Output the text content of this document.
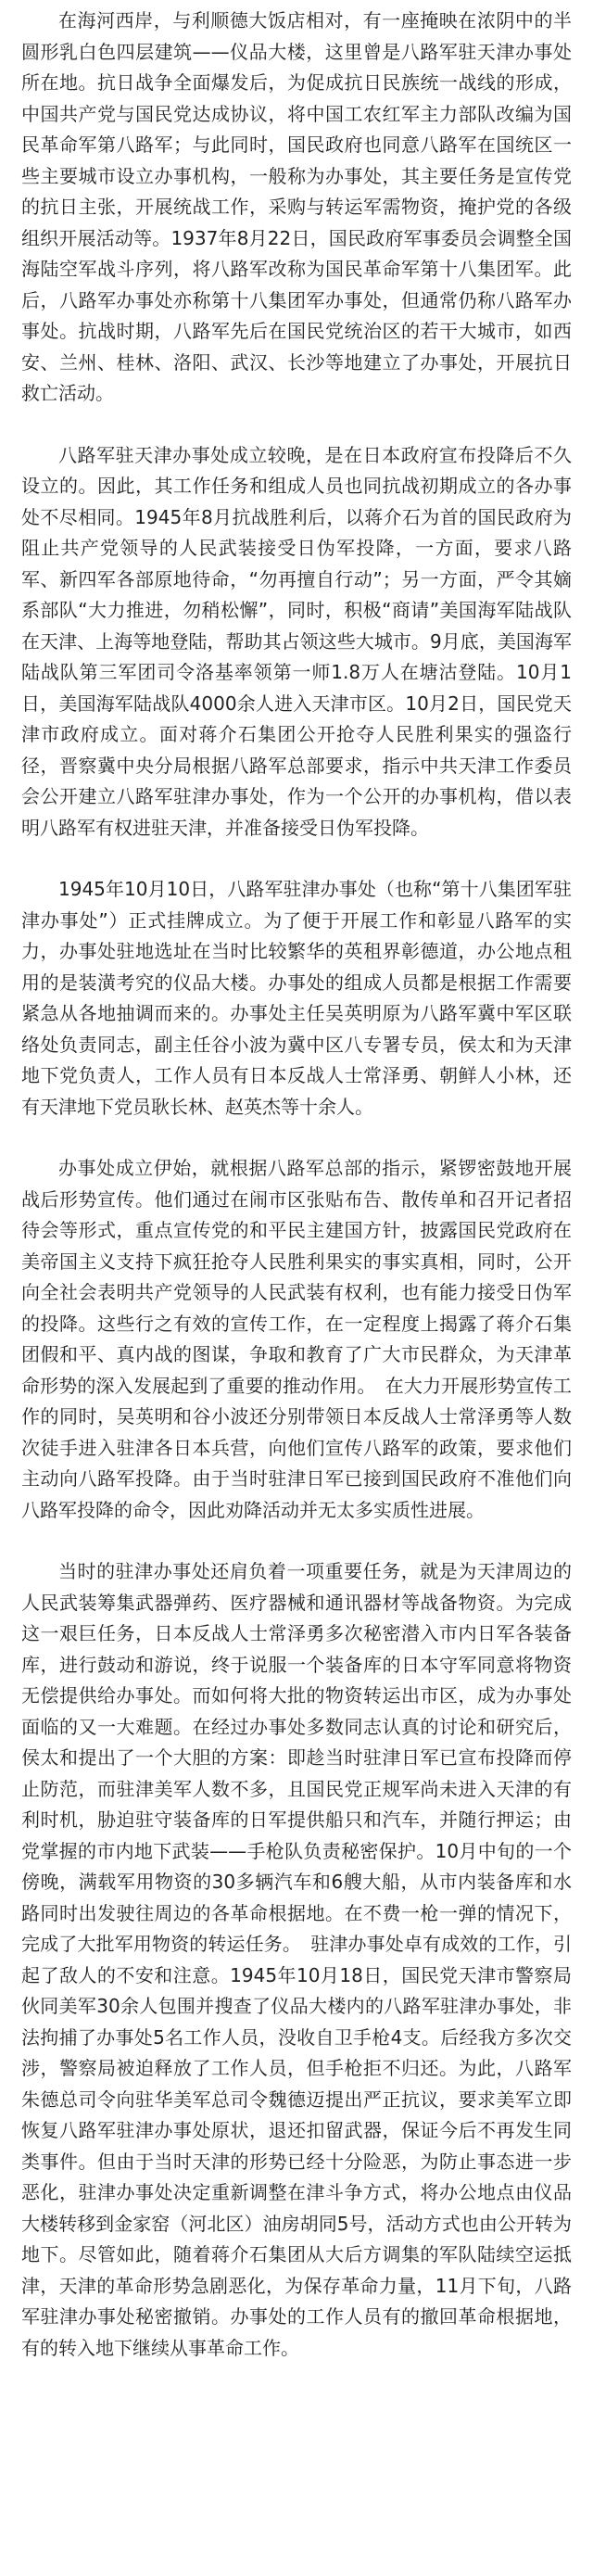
在海河西岸，与利顺德大饭店相对，有一座掩映在浓阴中的半圆形乳白色四层建筑——仪品大楼，这里曾是八路军驻天津办事处所在地。抗日战争全面爆发后，为促成抗日民族统一战线的形成，中国共产党与国民党达成协议，将中国工农红军主力部队改编为国民革命军第八路军；与此同时，国民政府也同意八路军在国统区一些主要城市设立办事机构，一般称为办事处，其主要任务是宣传党的抗日主张，开展统战工作，采购与转运军需物资，掩护党的各级组织开展活动等。1937年8月22日，国民政府军事委员会调整全国海陆空军战斗序列，将八路军改称为国民革命军第十八集团军。此后，八路军办事处亦称第十八集团军办事处，但通常仍称八路军办事处。抗战时期，八路军先后在国民党统治区的若干大城市，如西安、兰州、桂林、洛阳、武汉、长沙等地建立了办事处，开展抗日救亡活动。

八路军驻天津办事处成立较晚，是在日本政府宣布投降后不久设立的。因此，其工作任务和组成人员也同抗战初期成立的各办事处不尽相同。1945年8月抗战胜利后，以蒋介石为首的国民政府为阻止共产党领导的人民武装接受日伪军投降，一方面，要求八路军、新四军各部原地待命，“勿再擅自行动”；另一方面，严令其嫡系部队“大力推进，勿稍松懈”，同时，积极“商请”美国海军陆战队在天津、上海等地登陆，帮助其占领这些大城市。9月底，美国海军陆战队第三军团司令洛基率领第一师1.8万人在塘沽登陆。10月1日，美国海军陆战队4000余人进入天津市区。10月2日，国民党天津市政府成立。面对蒋介石集团公开抢夺人民胜利果实的强盗行径，晋察冀中央分局根据八路军总部要求，指示中共天津工作委员会公开建立八路军驻津办事处，作为一个公开的办事机构，借以表明八路军有权进驻天津，并准备接受日伪军投降。

1945年10月10日，八路军驻津办事处（也称“第十八集团军驻津办事处”）正式挂牌成立。为了便于开展工作和彰显八路军的实力，办事处驻地选址在当时比较繁华的英租界彰德道，办公地点租用的是装潢考究的仪品大楼。办事处的组成人员都是根据工作需要紧急从各地抽调而来的。办事处主任吴英明原为八路军冀中军区联络处负责同志，副主任谷小波为冀中区八专署专员，侯太和为天津地下党负责人，工作人员有日本反战人士常泽勇、朝鲜人小林，还有天津地下党员耿长林、赵英杰等十余人。

办事处成立伊始，就根据八路军总部的指示，紧锣密鼓地开展战后形势宣传。他们通过在闹市区张贴布告、散传单和召开记者招待会等形式，重点宣传党的和平民主建国方针，披露国民党政府在美帝国主义支持下疯狂抢夺人民胜利果实的事实真相，同时，公开向全社会表明共产党领导的人民武装有权利，也有能力接受日伪军的投降。这些行之有效的宣传工作，在一定程度上揭露了蒋介石集团假和平、真内战的图谋，争取和教育了广大市民群众，为天津革命形势的深入发展起到了重要的推动作用。　在大力开展形势宣传工作的同时，吴英明和谷小波还分别带领日本反战人士常泽勇等人数次徒手进入驻津各日本兵营，向他们宣传八路军的政策，要求他们主动向八路军投降。由于当时驻津日军已接到国民政府不准他们向八路军投降的命令，因此劝降活动并无太多实质性进展。

当时的驻津办事处还肩负着一项重要任务，就是为天津周边的人民武装筹集武器弹药、医疗器械和通讯器材等战备物资。为完成这一艰巨任务，日本反战人士常泽勇多次秘密潜入市内日军各装备库，进行鼓动和游说，终于说服一个装备库的日本守军同意将物资无偿提供给办事处。而如何将大批的物资转运出市区，成为办事处面临的又一大难题。在经过办事处多数同志认真的讨论和研究后，侯太和提出了一个大胆的方案：即趁当时驻津日军已宣布投降而停止防范，而驻津美军人数不多，且国民党正规军尚未进入天津的有利时机，胁迫驻守装备库的日军提供船只和汽车，并随行押运；由党掌握的市内地下武装——手枪队负责秘密保护。10月中旬的一个傍晚，满载军用物资的30多辆汽车和6艘大船，从市内装备库和水路同时出发驶往周边的各革命根据地。在不费一枪一弹的情况下，完成了大批军用物资的转运任务。　驻津办事处卓有成效的工作，引起了敌人的不安和注意。1945年10月18日，国民党天津市警察局伙同美军30余人包围并搜查了仪品大楼内的八路军驻津办事处，非法拘捕了办事处5名工作人员，没收自卫手枪4支。后经我方多次交涉，警察局被迫释放了工作人员，但手枪拒不归还。为此，八路军朱德总司令向驻华美军总司令魏德迈提出严正抗议，要求美军立即恢复八路军驻津办事处原状，退还扣留武器，保证今后不再发生同类事件。但由于当时天津的形势已经十分险恶，为防止事态进一步恶化，驻津办事处决定重新调整在津斗争方式，将办公地点由仪品大楼转移到金家窑（河北区）油房胡同5号，活动方式也由公开转为地下。尽管如此，随着蒋介石集团从大后方调集的军队陆续空运抵津，天津的革命形势急剧恶化，为保存革命力量，11月下旬，八路军驻津办事处秘密撤销。办事处的工作人员有的撤回革命根据地，有的转入地下继续从事革命工作。
